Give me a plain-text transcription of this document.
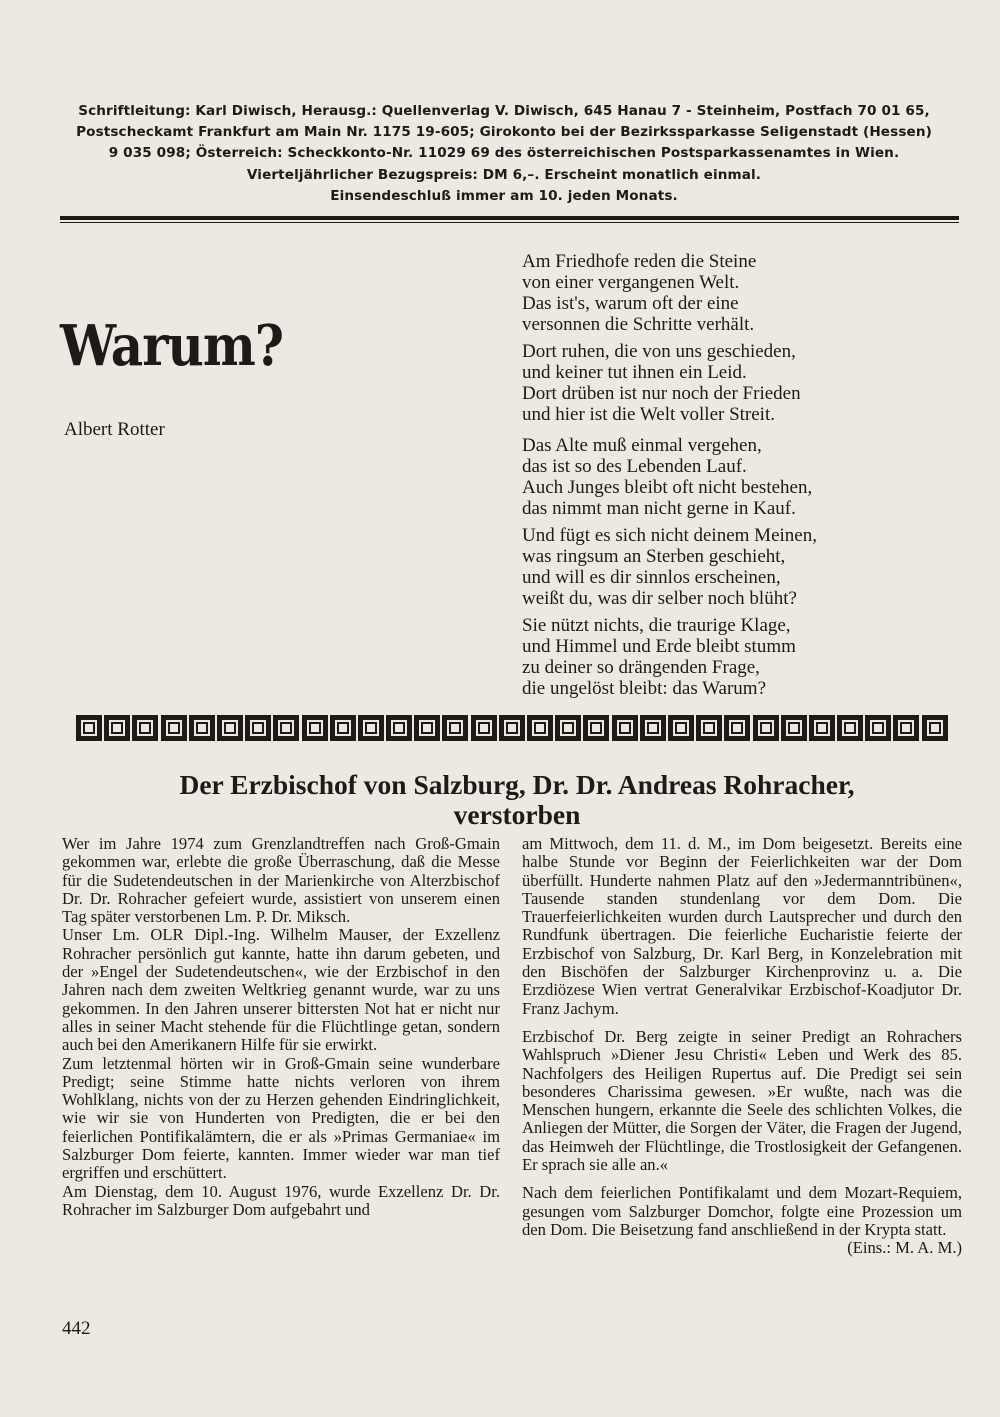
Schriftleitung: Karl Diwisch, Herausg.: Quellenverlag V. Diwisch, 645 Hanau 7 - Steinheim, Postfach 70 01 65,
Postscheckamt Frankfurt am Main Nr. 1175 19-605; Girokonto bei der Bezirkssparkasse Seligenstadt (Hessen)
9 035 098; Österreich: Scheckkonto-Nr. 11029 69 des österreichischen Postsparkassenamtes in Wien.
Vierteljährlicher Bezugspreis: DM 6,–. Erscheint monatlich einmal.
Einsendeschluß immer am 10. jeden Monats.
Warum?
Albert Rotter
Am Friedhofe reden die Steine
von einer vergangenen Welt.
Das ist's, warum oft der eine
versonnen die Schritte verhält.
Dort ruhen, die von uns geschieden,
und keiner tut ihnen ein Leid.
Dort drüben ist nur noch der Frieden
und hier ist die Welt voller Streit.
Das Alte muß einmal vergehen,
das ist so des Lebenden Lauf.
Auch Junges bleibt oft nicht bestehen,
das nimmt man nicht gerne in Kauf.
Und fügt es sich nicht deinem Meinen,
was ringsum an Sterben geschieht,
und will es dir sinnlos erscheinen,
weißt du, was dir selber noch blüht?
Sie nützt nichts, die traurige Klage,
und Himmel und Erde bleibt stumm
zu deiner so drängenden Frage,
die ungelöst bleibt: das Warum?
Der Erzbischof von Salzburg, Dr. Dr. Andreas Rohracher,
verstorben

Wer im Jahre 1974 zum Grenzlandtreffen nach Groß-Gmain gekommen war, erlebte die große Überraschung, daß die Messe für die Sudetendeutschen in der Marienkirche von Alterzbischof Dr. Dr. Rohracher gefeiert wurde, assistiert von unserem einen Tag später verstorbenen Lm. P. Dr. Miksch.

Unser Lm. OLR Dipl.-Ing. Wilhelm Mauser, der Exzellenz Rohracher persönlich gut kannte, hatte ihn darum gebeten, und der »Engel der Sudetendeutschen«, wie der Erzbischof in den Jahren nach dem zweiten Weltkrieg genannt wurde, war zu uns gekommen. In den Jahren unserer bittersten Not hat er nicht nur alles in seiner Macht stehende für die Flüchtlinge getan, sondern auch bei den Amerikanern Hilfe für sie erwirkt.

Zum letztenmal hörten wir in Groß-Gmain seine wunderbare Predigt; seine Stimme hatte nichts verloren von ihrem Wohlklang, nichts von der zu Herzen gehenden Eindringlichkeit, wie wir sie von Hunderten von Predigten, die er bei den feierlichen Pontifikalämtern, die er als »Primas Germaniae« im Salzburger Dom feierte, kannten. Immer wieder war man tief ergriffen und erschüttert.

Am Dienstag, dem 10. August 1976, wurde Exzellenz Dr. Dr. Rohracher im Salzburger Dom aufgebahrt und

am Mittwoch, dem 11. d. M., im Dom beigesetzt. Bereits eine halbe Stunde vor Beginn der Feierlichkeiten war der Dom überfüllt. Hunderte nahmen Platz auf den »Jedermanntribünen«, Tausende standen stundenlang vor dem Dom. Die Trauerfeierlichkeiten wurden durch Lautsprecher und durch den Rundfunk übertragen. Die feierliche Eucharistie feierte der Erzbischof von Salzburg, Dr. Karl Berg, in Konzelebration mit den Bischöfen der Salzburger Kirchenprovinz u. a. Die Erzdiözese Wien vertrat Generalvikar Erzbischof-Koadjutor Dr. Franz Jachym.

Erzbischof Dr. Berg zeigte in seiner Predigt an Rohrachers Wahlspruch »Diener Jesu Christi« Leben und Werk des 85. Nachfolgers des Heiligen Rupertus auf. Die Predigt sei sein besonderes Charissima gewesen. »Er wußte, nach was die Menschen hungern, erkannte die Seele des schlichten Volkes, die Anliegen der Mütter, die Sorgen der Väter, die Fragen der Jugend, das Heimweh der Flüchtlinge, die Trostlosigkeit der Gefangenen. Er sprach sie alle an.«

Nach dem feierlichen Pontifikalamt und dem Mozart-Requiem, gesungen vom Salzburger Domchor, folgte eine Prozession um den Dom. Die Beisetzung fand anschließend in der Krypta statt.
(Eins.: M. A. M.)

442
